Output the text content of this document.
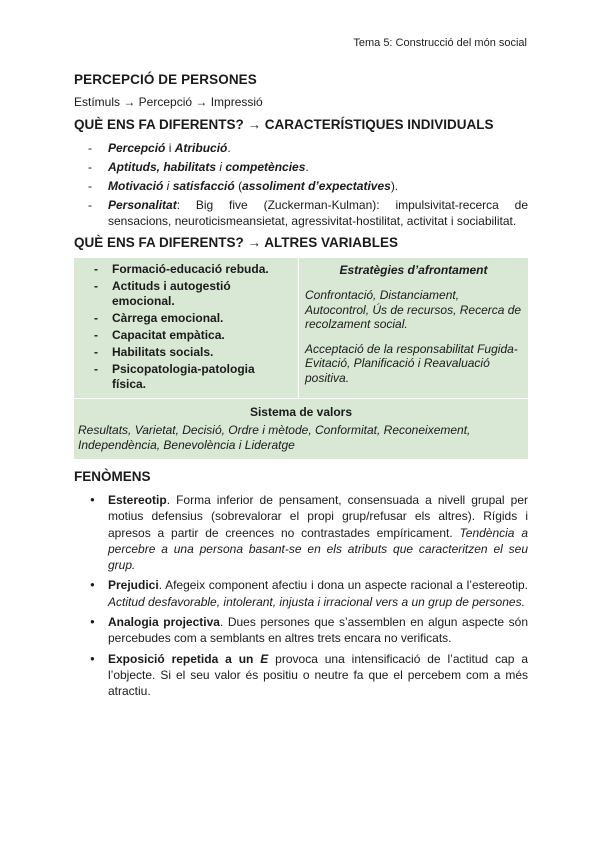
Tema 5: Construcció del món social
PERCEPCIÓ DE PERSONES
Estímuls → Percepció → Impressió
QUÈ ENS FA DIFERENTS? → CARACTERÍSTIQUES INDIVIDUALS
- Percepció i Atribució.
- Aptituds, habilitats i competències.
- Motivació i satisfacció (assoliment d’expectatives).
- Personalitat: Big five (Zuckerman-Kulman): impulsivitat-recerca de sensacions, neuroticismeansietat, agressivitat-hostilitat, activitat i sociabilitat.
QUÈ ENS FA DIFERENTS? → ALTRES VARIABLES
- Formació-educació rebuda.
- Actituds i autogestió emocional.
- Càrrega emocional.
- Capacitat empàtica.
- Habilitats socials.
- Psicopatologia-patologia física.

Estratègies d’afrontament
Confrontació, Distanciament, Autocontrol, Ús de recursos, Recerca de recolzament social.
Acceptació de la responsabilitat Fugida-Evitació, Planificació i Reavaluació positiva.

Sistema de valors
Resultats, Varietat, Decisió, Ordre i mètode, Conformitat, Reconeixement, Independència, Benevolència i Lideratge
FENÒMENS
● Estereotip. Forma inferior de pensament, consensuada a nivell grupal per motius defensius (sobrevalorar el propi grup/refusar els altres). Rígids i apresos a partir de creences no contrastades empíricament. Tendència a percebre a una persona basant-se en els atributs que caracteritzen el seu grup.
● Prejudici. Afegeix component afectiu i dona un aspecte racional a l’estereotip. Actitud desfavorable, intolerant, injusta i irracional vers a un grup de persones.
● Analogia projectiva. Dues persones que s’assemblen en algun aspecte són percebudes com a semblants en altres trets encara no verificats.
● Exposició repetida a un E provoca una intensificació de l’actitud cap a l’objecte. Si el seu valor és positiu o neutre fa que el percebem com a més atractiu.
